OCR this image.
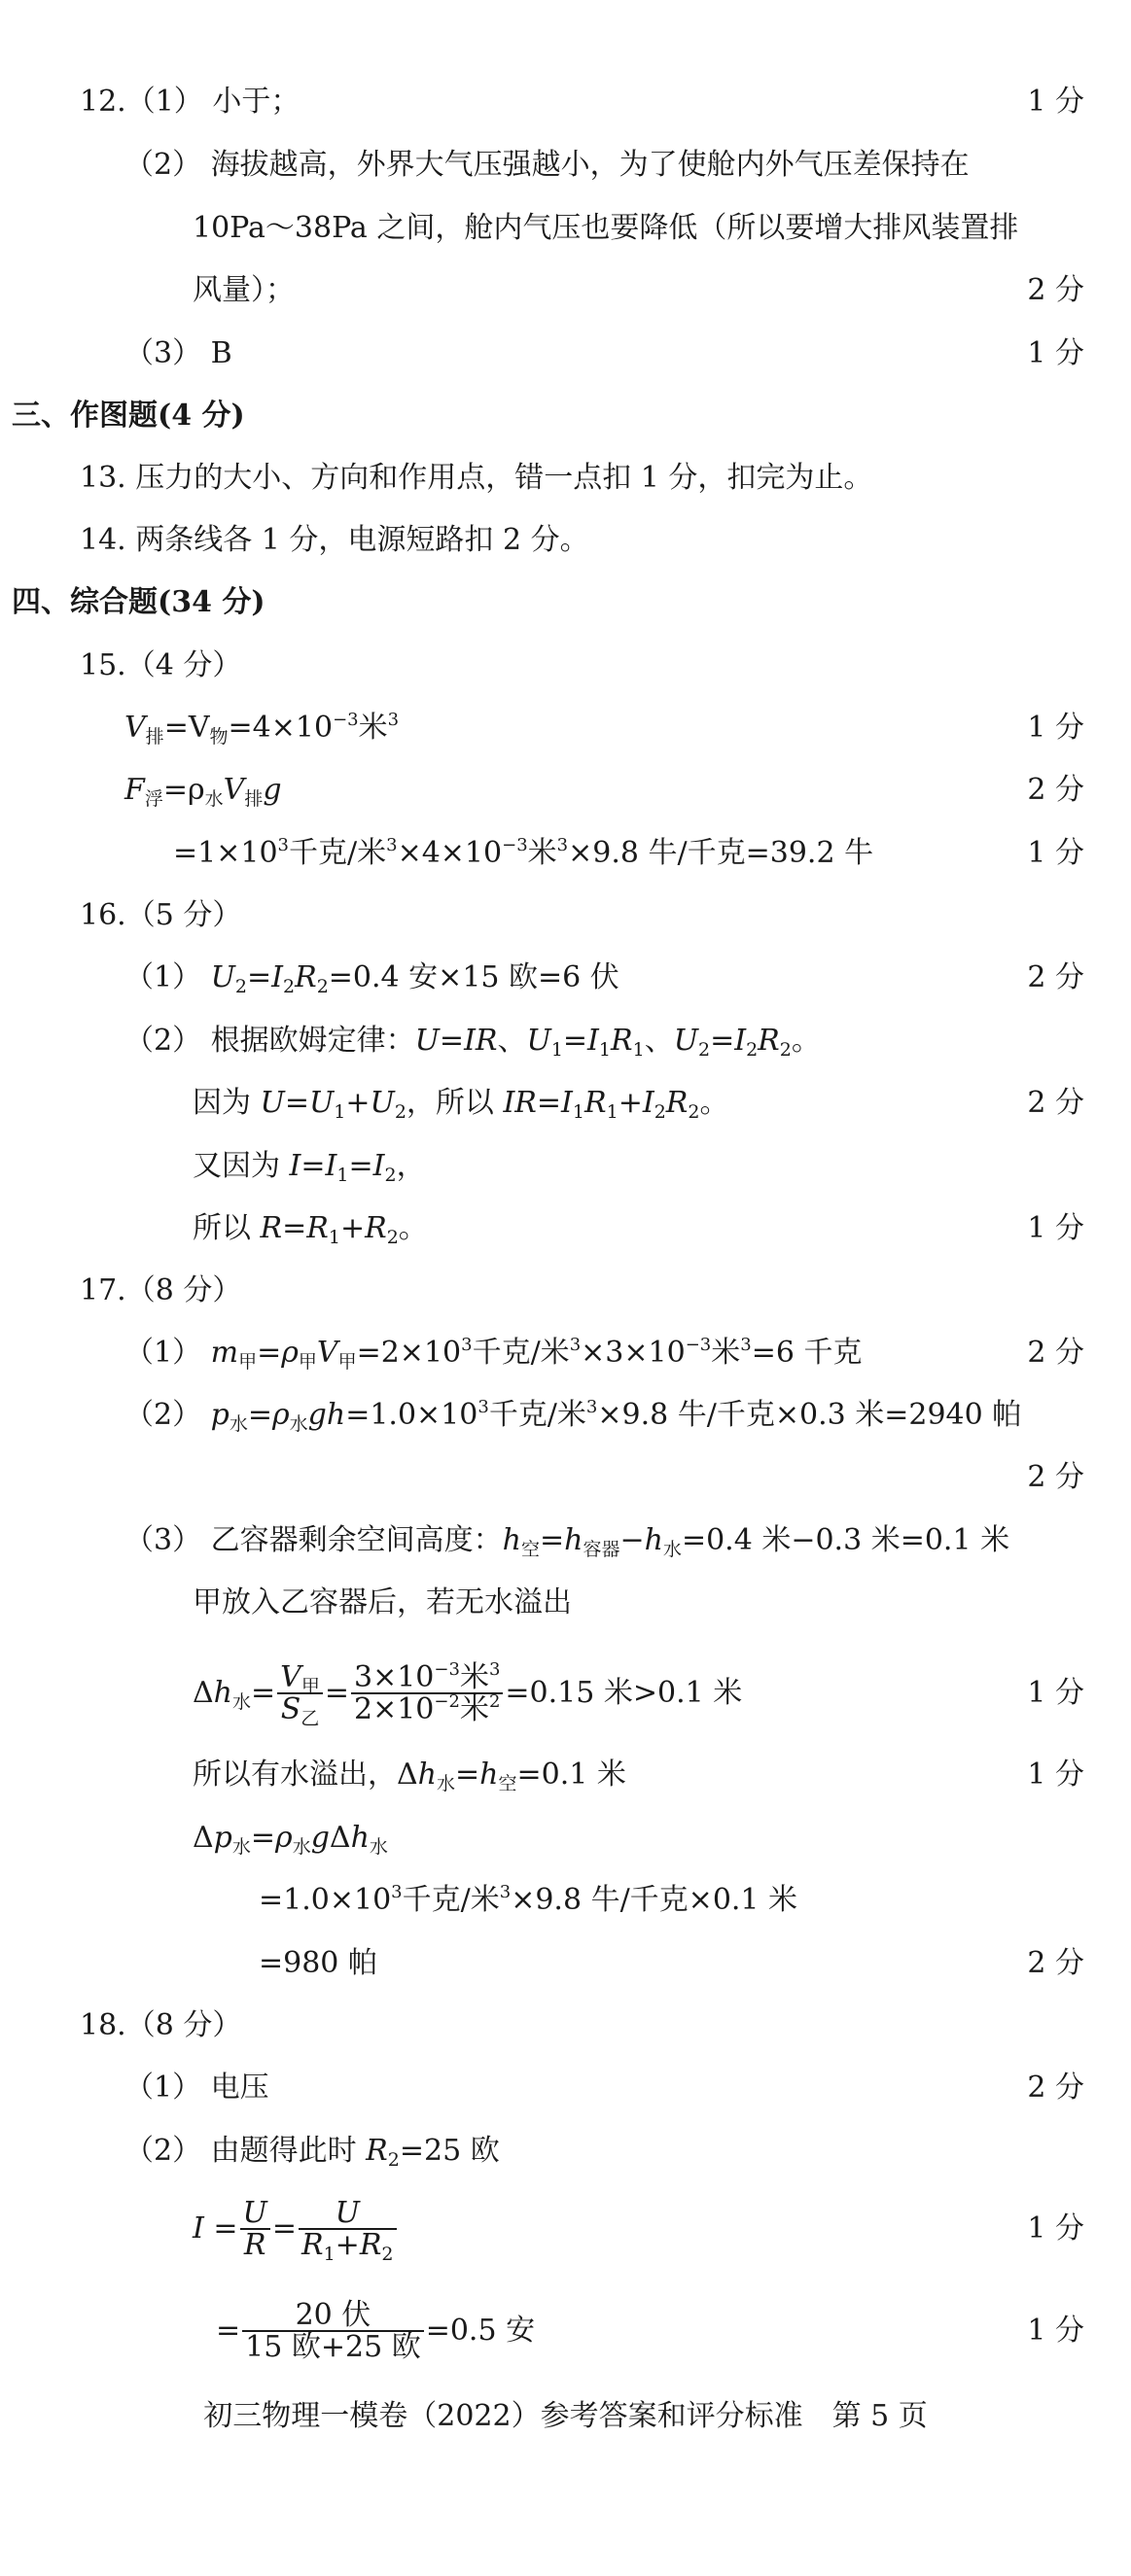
12.（1） 小于；	1 分
（2） 海拔越高，外界大气压强越小，为了使舱内外气压差保持在
10Pa～38Pa 之间，舱内气压也要降低（所以要增大排风装置排
风量）；	2 分
（3） B	1 分
三、作图题(4 分)
13. 压力的大小、方向和作用点，错一点扣 1 分，扣完为止。
14. 两条线各 1 分，电源短路扣 2 分。
四、综合题(34 分)
15.（4 分）
$V_排=V_物=4\times 10^{-3}$米$^3$	1 分
$F_浮=\rho_水V_排g$	2 分
$=1\times 10^3$千克/米$^3\times 4\times 10^{-3}$米$^3$×9.8 牛/千克=39.2 牛	1 分
16.（5 分）
（1） $U_2=I_2R_2=0.4$ 安×15 欧=6 伏	2 分
（2） 根据欧姆定律：U=IR、$U_1=I_1R_1$、$U_2=I_2R_2$。
因为 $U=U_1+U_2$，所以 $IR=I_1R_1+I_2R_2$。	2 分
又因为 $I=I_1=I_2$，
所以 $R=R_1+R_2$。	1 分
17.（8 分）
（1） $m_甲=\rho_甲V_甲=2\times 10^3$千克/米$^3\times 3\times 10^{-3}$米$^3$=6 千克	2 分
（2） $p_水=\rho_水gh=1.0\times 10^3$千克/米$^3$×9.8 牛/千克×0.3 米=2940 帕
2 分
（3） 乙容器剩余空间高度：$h_空=h_{容器}-h_水=0.4$ 米−0.3 米=0.1 米
甲放入乙容器后，若无水溢出
$\Delta h_水= \frac{V_甲}{S_乙} = \frac{3\times 10^{-3}米^3}{2\times 10^{-2}米^2} =0.15$ 米>0.1 米	1 分
所以有水溢出，$\Delta h_水=h_空=0.1$ 米	1 分
$\Delta p_水=\rho_水g\Delta h_水$
$=1.0\times 10^3$千克/米$^3$×9.8 牛/千克×0.1 米
=980 帕	2 分
18.（8 分）
（1） 电压	2 分
（2） 由题得此时 $R_2=25$ 欧
$I = \frac{U}{R} = \frac{U}{R_1+R_2}$	1 分
= $\frac{\text{20 伏}}{\text{15 欧+25 欧}} =0.5$ 安	1 分
初三物理一模卷（2022）参考答案和评分标准　第 5 页
